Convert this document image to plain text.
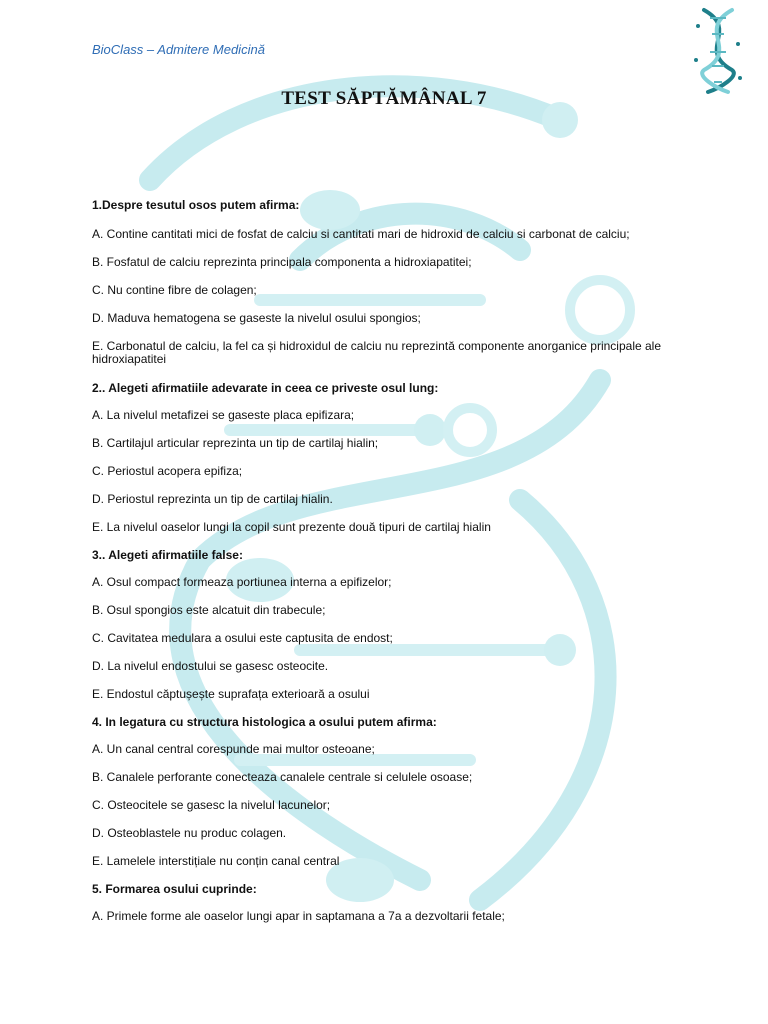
BioClass – Admitere Medicină
TEST SĂPTĂMÂNAL 7

1.Despre tesutul osos putem afirma:

A. Contine cantitati mici de fosfat de calciu si cantitati mari de hidroxid de calciu si carbonat de calciu;

B. Fosfatul de calciu reprezinta principala componenta a hidroxiapatitei;

C. Nu contine fibre de colagen;

D. Maduva hematogena se gaseste la nivelul osului spongios;

E. Carbonatul de calciu, la fel ca și hidroxidul de calciu nu reprezintă componente anorganice principale ale hidroxiapatitei

2.. Alegeti afirmatiile adevarate in ceea ce priveste osul lung:

A. La nivelul metafizei se gaseste placa epifizara;

B. Cartilajul articular reprezinta un tip de cartilaj hialin;

C. Periostul acopera epifiza;

D. Periostul reprezinta un tip de cartilaj hialin.

E. La nivelul oaselor lungi la copil sunt prezente două tipuri de cartilaj hialin

3.. Alegeti afirmatiile false:

A. Osul compact formeaza portiunea interna a epifizelor;

B. Osul spongios este alcatuit din trabecule;

C. Cavitatea medulara a osului este captusita de endost;

D. La nivelul endostului se gasesc osteocite.

E. Endostul căptușește suprafața exterioară a osului

4. In legatura cu structura histologica a osului putem afirma:

A. Un canal central corespunde mai multor osteoane;

B. Canalele perforante conecteaza canalele centrale si celulele osoase;

C. Osteocitele se gasesc la nivelul lacunelor;

D. Osteoblastele nu produc colagen.

E. Lamelele interstițiale nu conțin canal central

5. Formarea osului cuprinde:

A. Primele forme ale oaselor lungi apar in saptamana a 7a a dezvoltarii fetale;
